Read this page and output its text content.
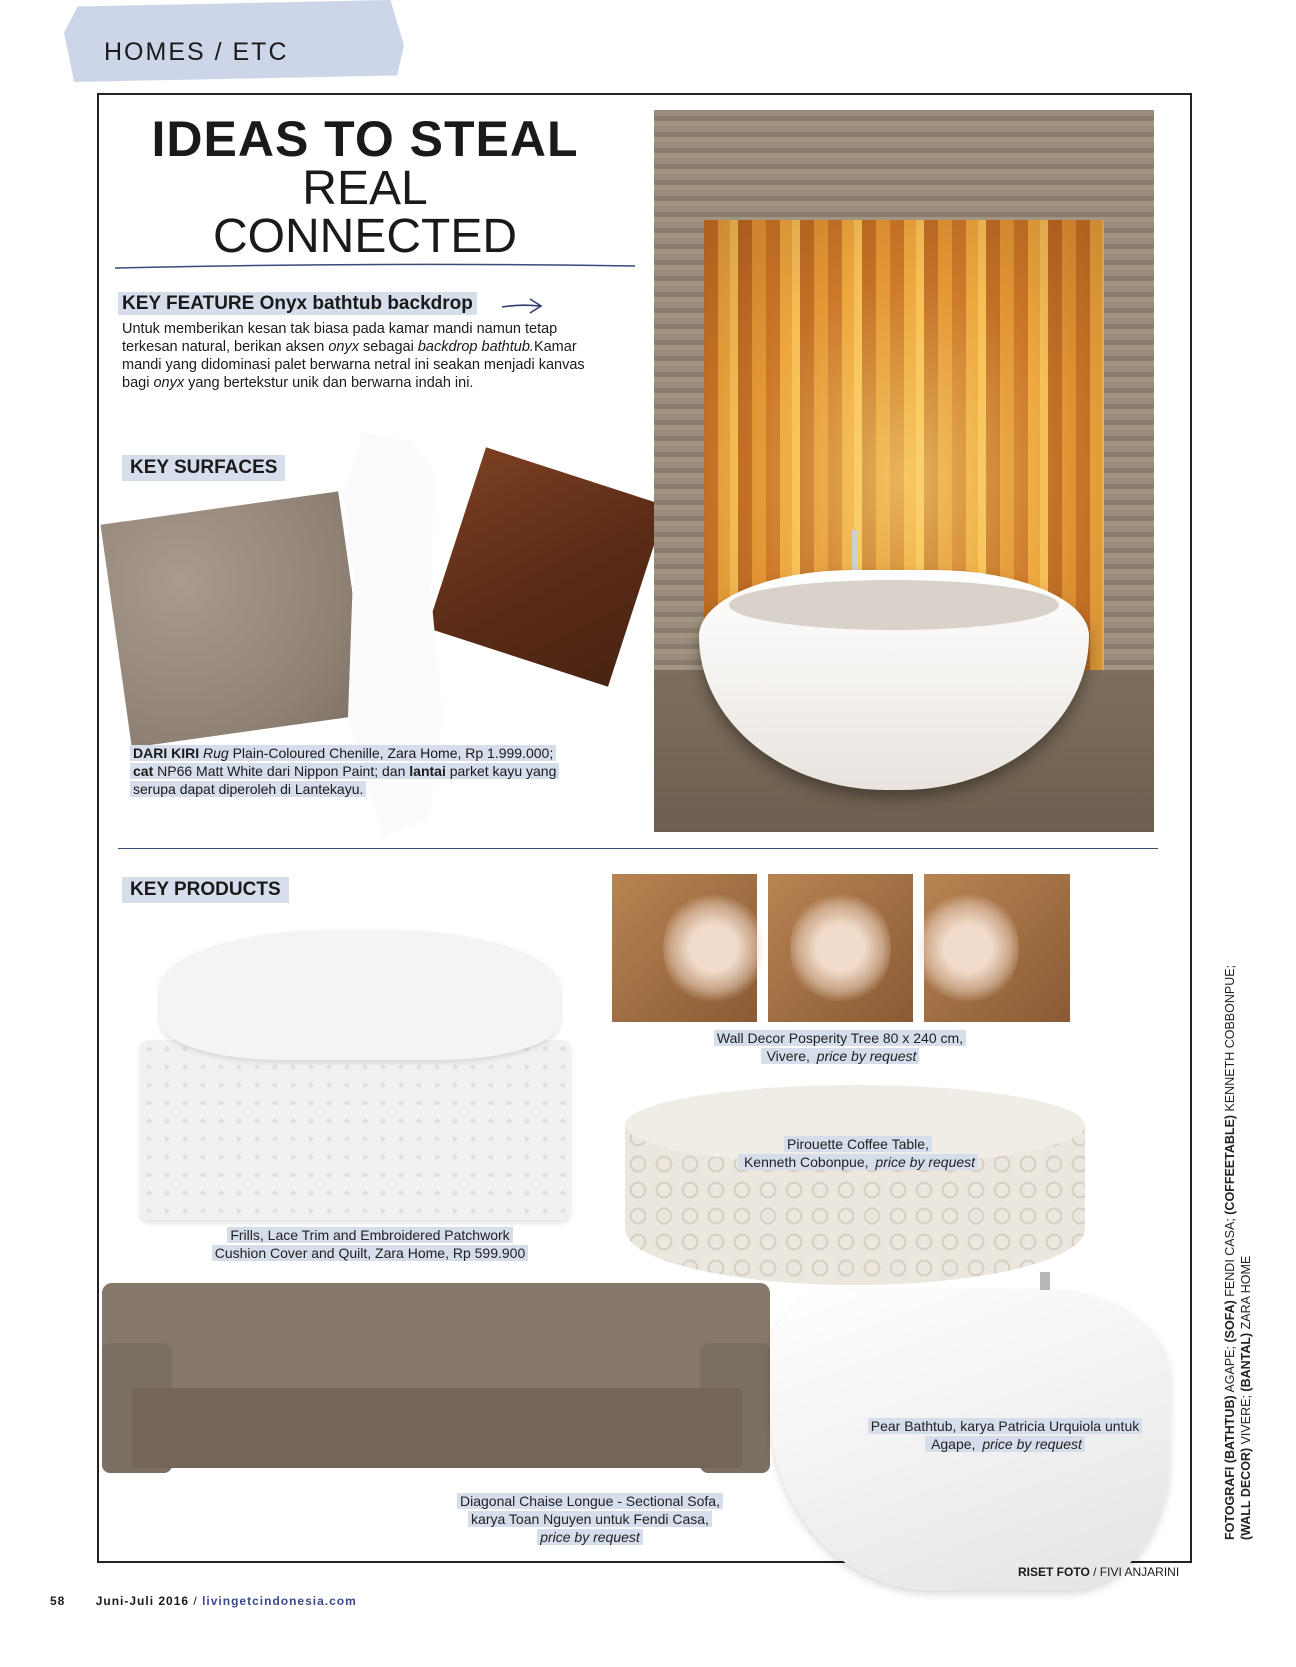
HOMES / ETC
IDEAS TO STEAL
REAL
CONNECTED
KEY FEATURE Onyx bathtub backdrop
Untuk memberikan kesan tak biasa pada kamar mandi namun tetap terkesan natural, berikan aksen onyx sebagai backdrop bathtub.Kamar mandi yang didominasi palet berwarna netral ini seakan menjadi kanvas bagi onyx yang bertekstur unik dan berwarna indah ini.
KEY SURFACES
DARI KIRI Rug Plain-Coloured Chenille, Zara Home, Rp 1.999.000;
cat NP66 Matt White dari Nippon Paint; dan lantai parket kayu yang
serupa dapat diperoleh di Lantekayu.
KEY PRODUCTS
Wall Decor Posperity Tree 80 x 240 cm,
Vivere, price by request
Frills, Lace Trim and Embroidered Patchwork
Cushion Cover and Quilt, Zara Home, Rp 599.900
Pirouette Coffee Table,
Kenneth Cobonpue, price by request
Pear Bathtub, karya Patricia Urquiola untuk
Agape, price by request
Diagonal Chaise Longue - Sectional Sofa,
karya Toan Nguyen untuk Fendi Casa,
price by request	FOTOGRAFI (BATHTUB) AGAPE; (SOFA) FENDI CASA; (COFFEETABLE) KENNETH COBBONPUE;
(WALL DECOR) VIVERE; (BANTAL) ZARA HOME
RISET FOTO / FIVI ANJARINI
58	Juni-Juli 2016 / livingetcindonesia.com
